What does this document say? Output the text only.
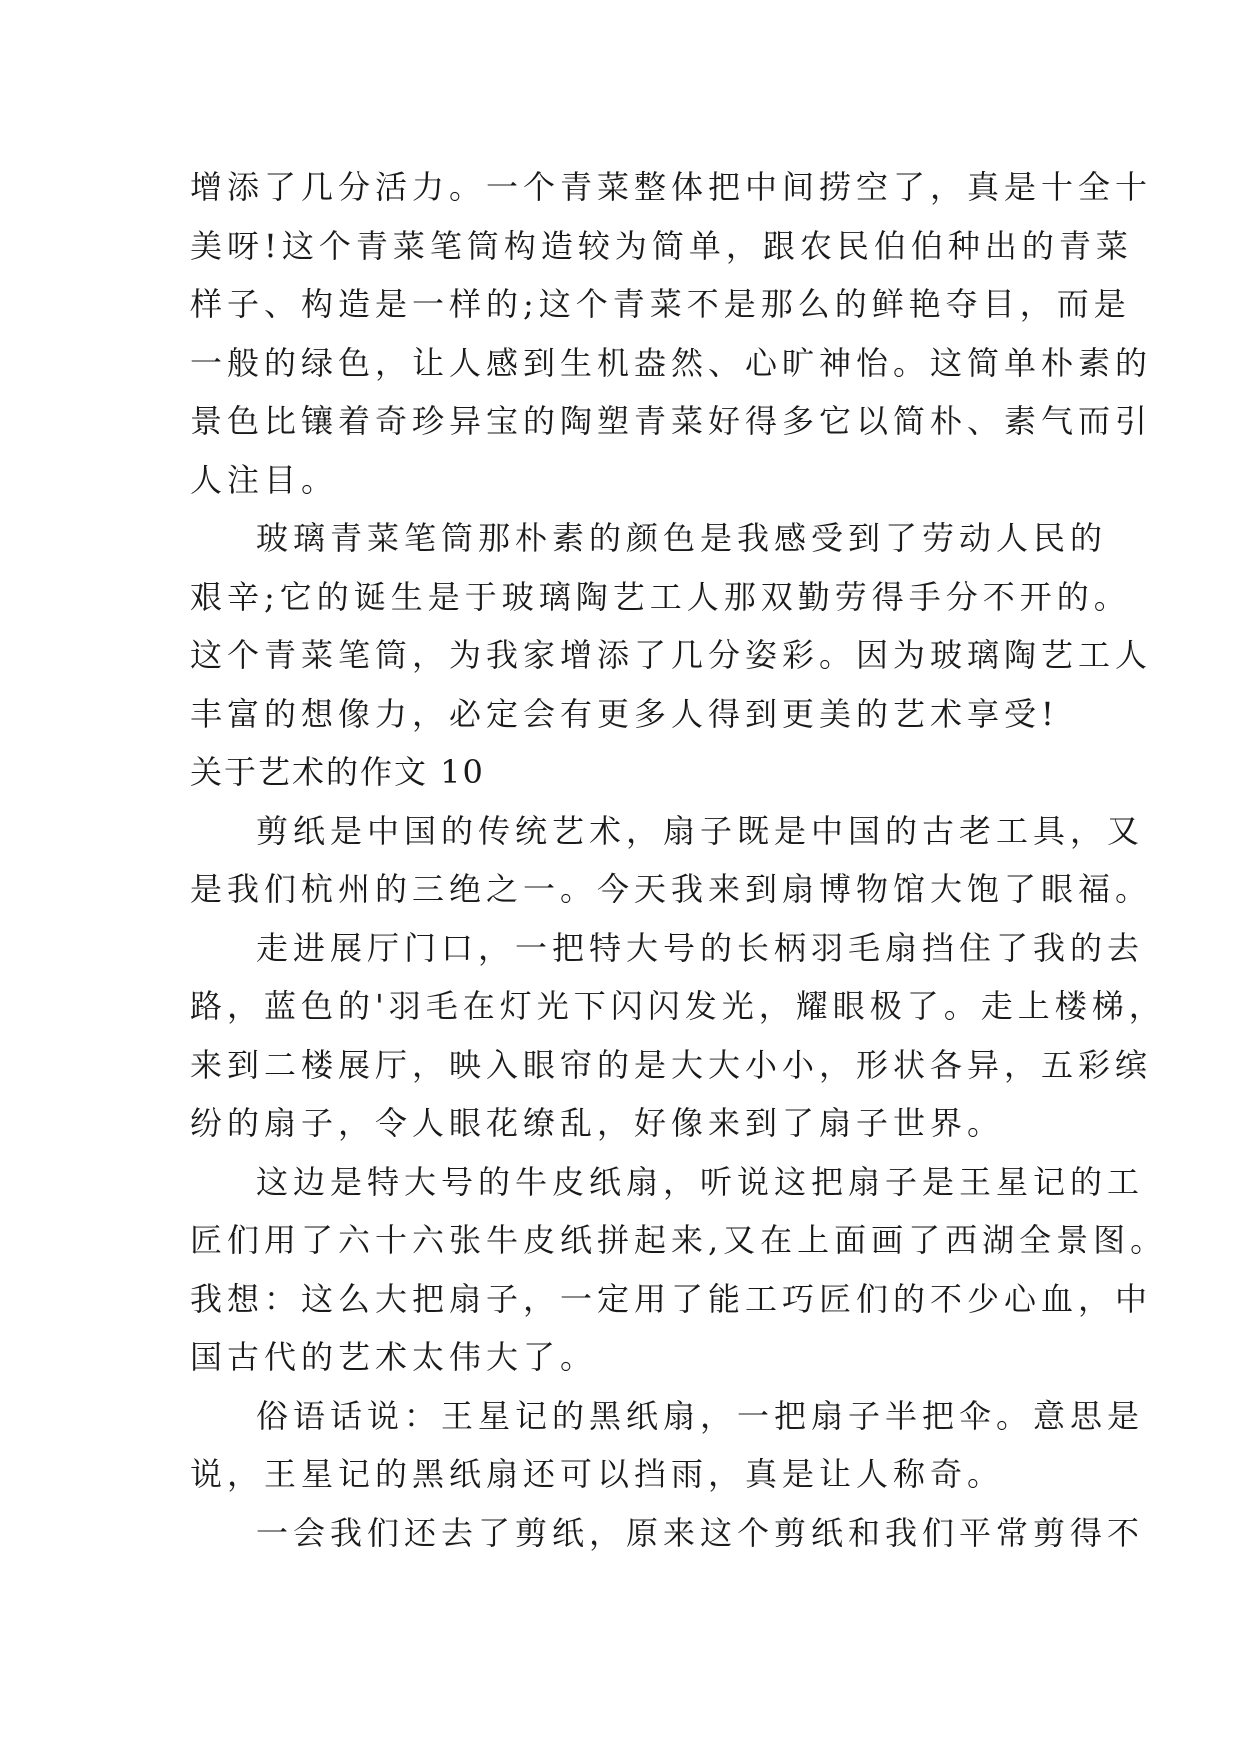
增添了几分活力。一个青菜整体把中间捞空了，真是十全十
美呀!这个青菜笔筒构造较为简单，跟农民伯伯种出的青菜
样子、构造是一样的;这个青菜不是那么的鲜艳夺目，而是
一般的绿色，让人感到生机盎然、心旷神怡。这简单朴素的
景色比镶着奇珍异宝的陶塑青菜好得多它以简朴、素气而引
人注目。
玻璃青菜笔筒那朴素的颜色是我感受到了劳动人民的
艰辛;它的诞生是于玻璃陶艺工人那双勤劳得手分不开的。
这个青菜笔筒，为我家增添了几分姿彩。因为玻璃陶艺工人
丰富的想像力，必定会有更多人得到更美的艺术享受!
关于艺术的作文 10
剪纸是中国的传统艺术，扇子既是中国的古老工具，又
是我们杭州的三绝之一。今天我来到扇博物馆大饱了眼福。
走进展厅门口，一把特大号的长柄羽毛扇挡住了我的去
路，蓝色的'羽毛在灯光下闪闪发光，耀眼极了。走上楼梯，
来到二楼展厅，映入眼帘的是大大小小，形状各异，五彩缤
纷的扇子，令人眼花缭乱，好像来到了扇子世界。
这边是特大号的牛皮纸扇，听说这把扇子是王星记的工
匠们用了六十六张牛皮纸拼起来,又在上面画了西湖全景图。
我想：这么大把扇子，一定用了能工巧匠们的不少心血，中
国古代的艺术太伟大了。
俗语话说：王星记的黑纸扇，一把扇子半把伞。意思是
说，王星记的黑纸扇还可以挡雨，真是让人称奇。
一会我们还去了剪纸，原来这个剪纸和我们平常剪得不
